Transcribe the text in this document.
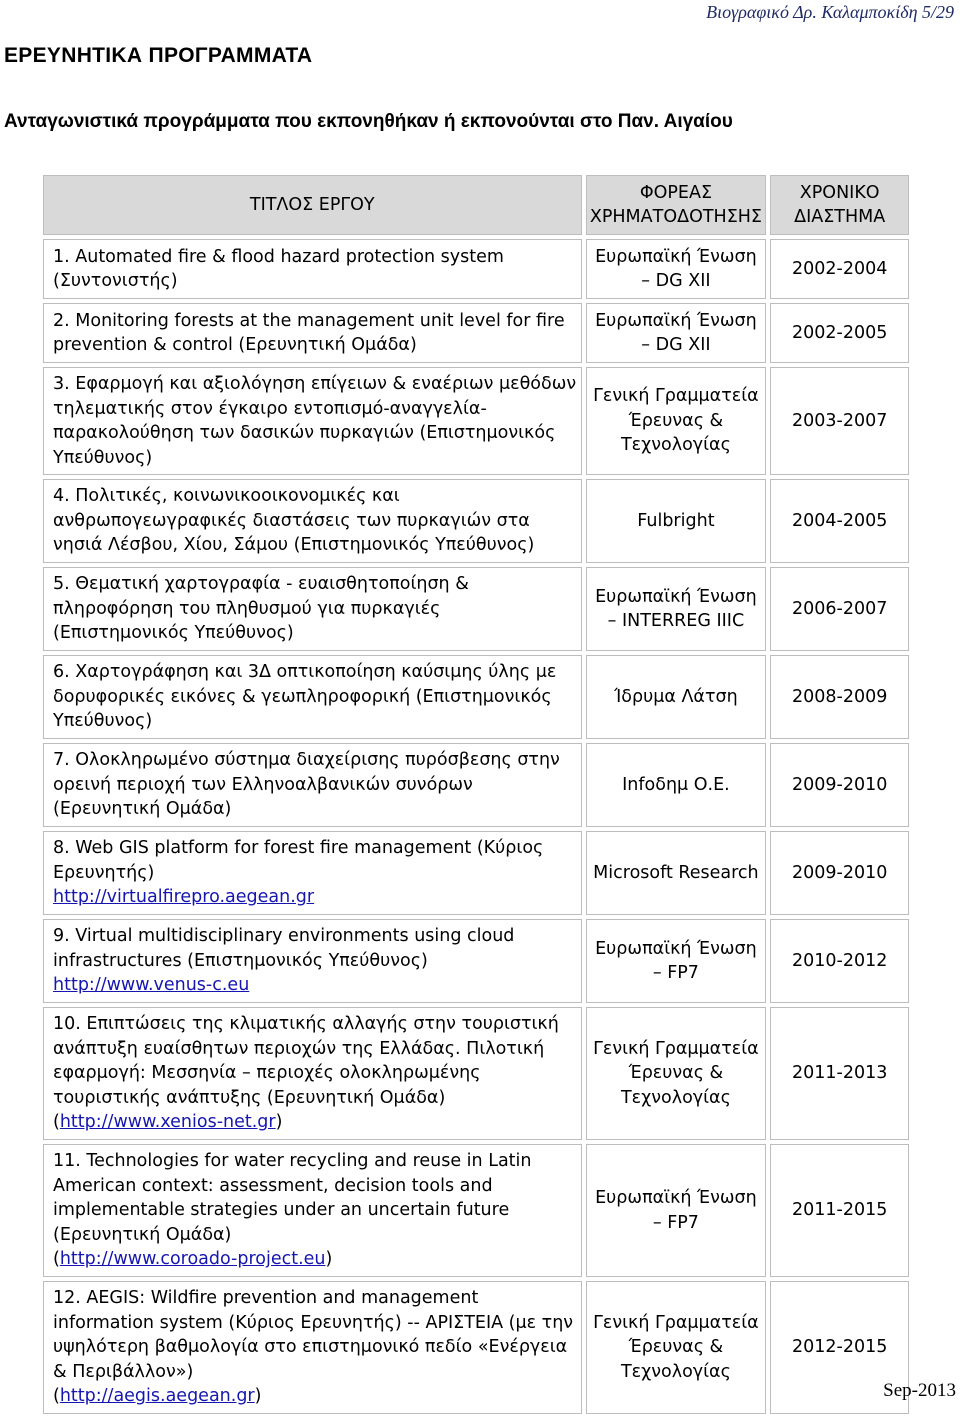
Βιογραφικό Δρ. Καλαμποκίδη 5/29
ΕΡΕΥΝΗΤΙΚΑ ΠΡΟΓΡΑΜΜΑΤΑ
Ανταγωνιστικά προγράμματα που εκπονηθήκαν ή εκπονούνται στο Παν. Αιγαίου
ΤΙΤΛΟΣ ΕΡΓΟΥ	ΦΟΡΕΑΣ ΧΡΗΜΑΤΟΔΟΤΗΣΗΣ	ΧΡΟΝΙΚΟ ΔΙΑΣΤΗΜΑ
1. Automated fire & flood hazard protection system (Συντονιστής)	Ευρωπαϊκή Ένωση – DG XII	2002-2004
2. Monitoring forests at the management unit level for fire prevention & control (Ερευνητική Ομάδα)	Ευρωπαϊκή Ένωση – DG XII	2002-2005
3. Εφαρμογή και αξιολόγηση επίγειων & εναέριων μεθόδων τηλεματικής στον έγκαιρο εντοπισμό-αναγγελία-παρακολούθηση των δασικών πυρκαγιών (Επιστημονικός Υπεύθυνος)	Γενική Γραμματεία Έρευνας & Τεχνολογίας	2003-2007
4. Πολιτικές, κοινωνικοοικονομικές και ανθρωπογεωγραφικές διαστάσεις των πυρκαγιών στα νησιά Λέσβου, Χίου, Σάμου (Επιστημονικός Υπεύθυνος)	Fulbright	2004-2005
5. Θεματική χαρτογραφία - ευαισθητοποίηση & πληροφόρηση του πληθυσμού για πυρκαγιές (Επιστημονικός Υπεύθυνος)	Ευρωπαϊκή Ένωση – INTERREG IIIC	2006-2007
6. Χαρτογράφηση και 3Δ οπτικοποίηση καύσιμης ύλης με δορυφορικές εικόνες & γεωπληροφορική (Επιστημονικός Υπεύθυνος)	Ίδρυμα Λάτση	2008-2009
7. Ολοκληρωμένο σύστημα διαχείρισης πυρόσβεσης στην ορεινή περιοχή των Ελληνοαλβανικών συνόρων (Ερευνητική Ομάδα)	Infoδημ Ο.Ε.	2009-2010
8. Web GIS platform for forest fire management (Κύριος Ερευνητής)
http://virtualfirepro.aegean.gr	Microsoft Research	2009-2010
9. Virtual multidisciplinary environments using cloud infrastructures (Επιστημονικός Υπεύθυνος)
http://www.venus-c.eu	Ευρωπαϊκή Ένωση – FP7	2010-2012
10. Επιπτώσεις της κλιματικής αλλαγής στην τουριστική ανάπτυξη ευαίσθητων περιοχών της Ελλάδας. Πιλοτική εφαρμογή: Μεσσηνία – περιοχές ολοκληρωμένης τουριστικής ανάπτυξης (Ερευνητική Ομάδα)
(http://www.xenios-net.gr)	Γενική Γραμματεία Έρευνας & Τεχνολογίας	2011-2013
11. Technologies for water recycling and reuse in Latin American context: assessment, decision tools and implementable strategies under an uncertain future (Ερευνητική Ομάδα)
(http://www.coroado-project.eu)	Ευρωπαϊκή Ένωση – FP7	2011-2015
12. AEGIS: Wildfire prevention and management information system (Κύριος Ερευνητής) -- ΑΡΙΣΤΕΙΑ (με την υψηλότερη βαθμολογία στο επιστημονικό πεδίο «Ενέργεια & Περιβάλλον»)
(http://aegis.aegean.gr)	Γενική Γραμματεία Έρευνας & Τεχνολογίας	2012-2015
Sep-2013
